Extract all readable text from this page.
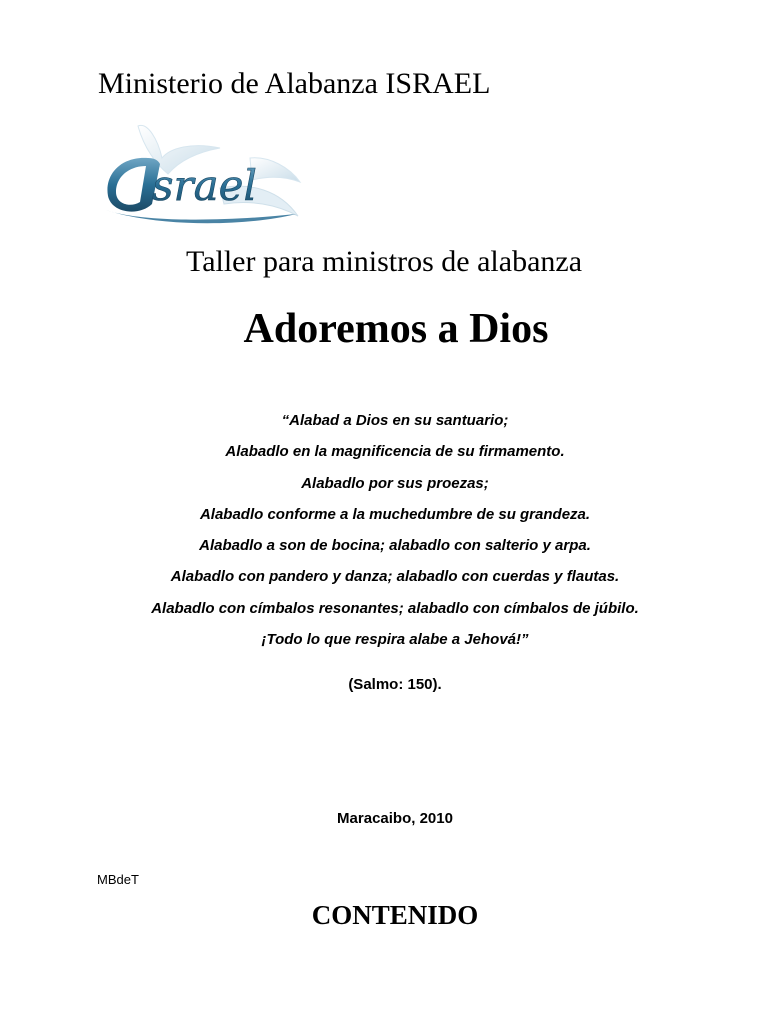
Ministerio de Alabanza ISRAEL
srael
Taller para ministros de alabanza
Adoremos a Dios
“Alabad a Dios en su santuario;
Alabadlo en la magnificencia de su firmamento.
Alabadlo por sus proezas;
Alabadlo conforme a la muchedumbre de su grandeza.
Alabadlo a son de bocina; alabadlo con salterio y arpa.
Alabadlo con pandero y danza; alabadlo con cuerdas y flautas.
Alabadlo con címbalos resonantes; alabadlo con címbalos de júbilo.
¡Todo lo que respira alabe a Jehová!”
(Salmo: 150).
Maracaibo, 2010
MBdeT
CONTENIDO
